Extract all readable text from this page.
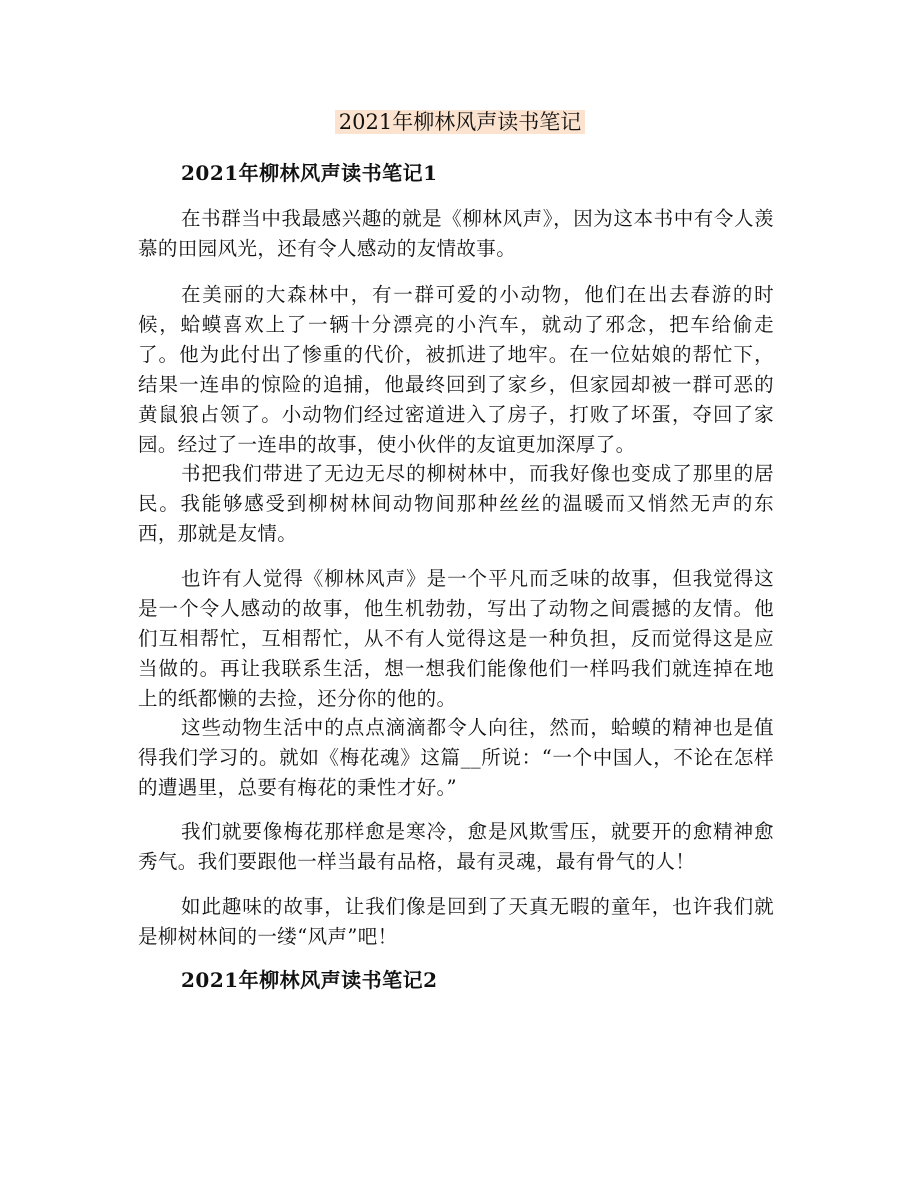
2021年柳林风声读书笔记
2021年柳林风声读书笔记1

在书群当中我最感兴趣的就是《柳林风声》，因为这本书中有令人羡慕的田园风光，还有令人感动的友情故事。

在美丽的大森林中，有一群可爱的小动物，他们在出去春游的时候，蛤蟆喜欢上了一辆十分漂亮的小汽车，就动了邪念，把车给偷走了。他为此付出了惨重的代价，被抓进了地牢。在一位姑娘的帮忙下，结果一连串的惊险的追捕，他最终回到了家乡，但家园却被一群可恶的黄鼠狼占领了。小动物们经过密道进入了房子，打败了坏蛋，夺回了家园。经过了一连串的故事，使小伙伴的友谊更加深厚了。

书把我们带进了无边无尽的柳树林中，而我好像也变成了那里的居民。我能够感受到柳树林间动物间那种丝丝的温暖而又悄然无声的东西，那就是友情。

也许有人觉得《柳林风声》是一个平凡而乏味的故事，但我觉得这是一个令人感动的故事，他生机勃勃，写出了动物之间震撼的友情。他们互相帮忙，互相帮忙，从不有人觉得这是一种负担，反而觉得这是应当做的。再让我联系生活，想一想我们能像他们一样吗我们就连掉在地上的纸都懒的去捡，还分你的他的。

这些动物生活中的点点滴滴都令人向往，然而，蛤蟆的精神也是值得我们学习的。就如《梅花魂》这篇__所说：“一个中国人，不论在怎样的遭遇里，总要有梅花的秉性才好。”

我们就要像梅花那样愈是寒冷，愈是风欺雪压，就要开的愈精神愈秀气。我们要跟他一样当最有品格，最有灵魂，最有骨气的人！

如此趣味的故事，让我们像是回到了天真无暇的童年，也许我们就是柳树林间的一缕“风声”吧！

2021年柳林风声读书笔记2
